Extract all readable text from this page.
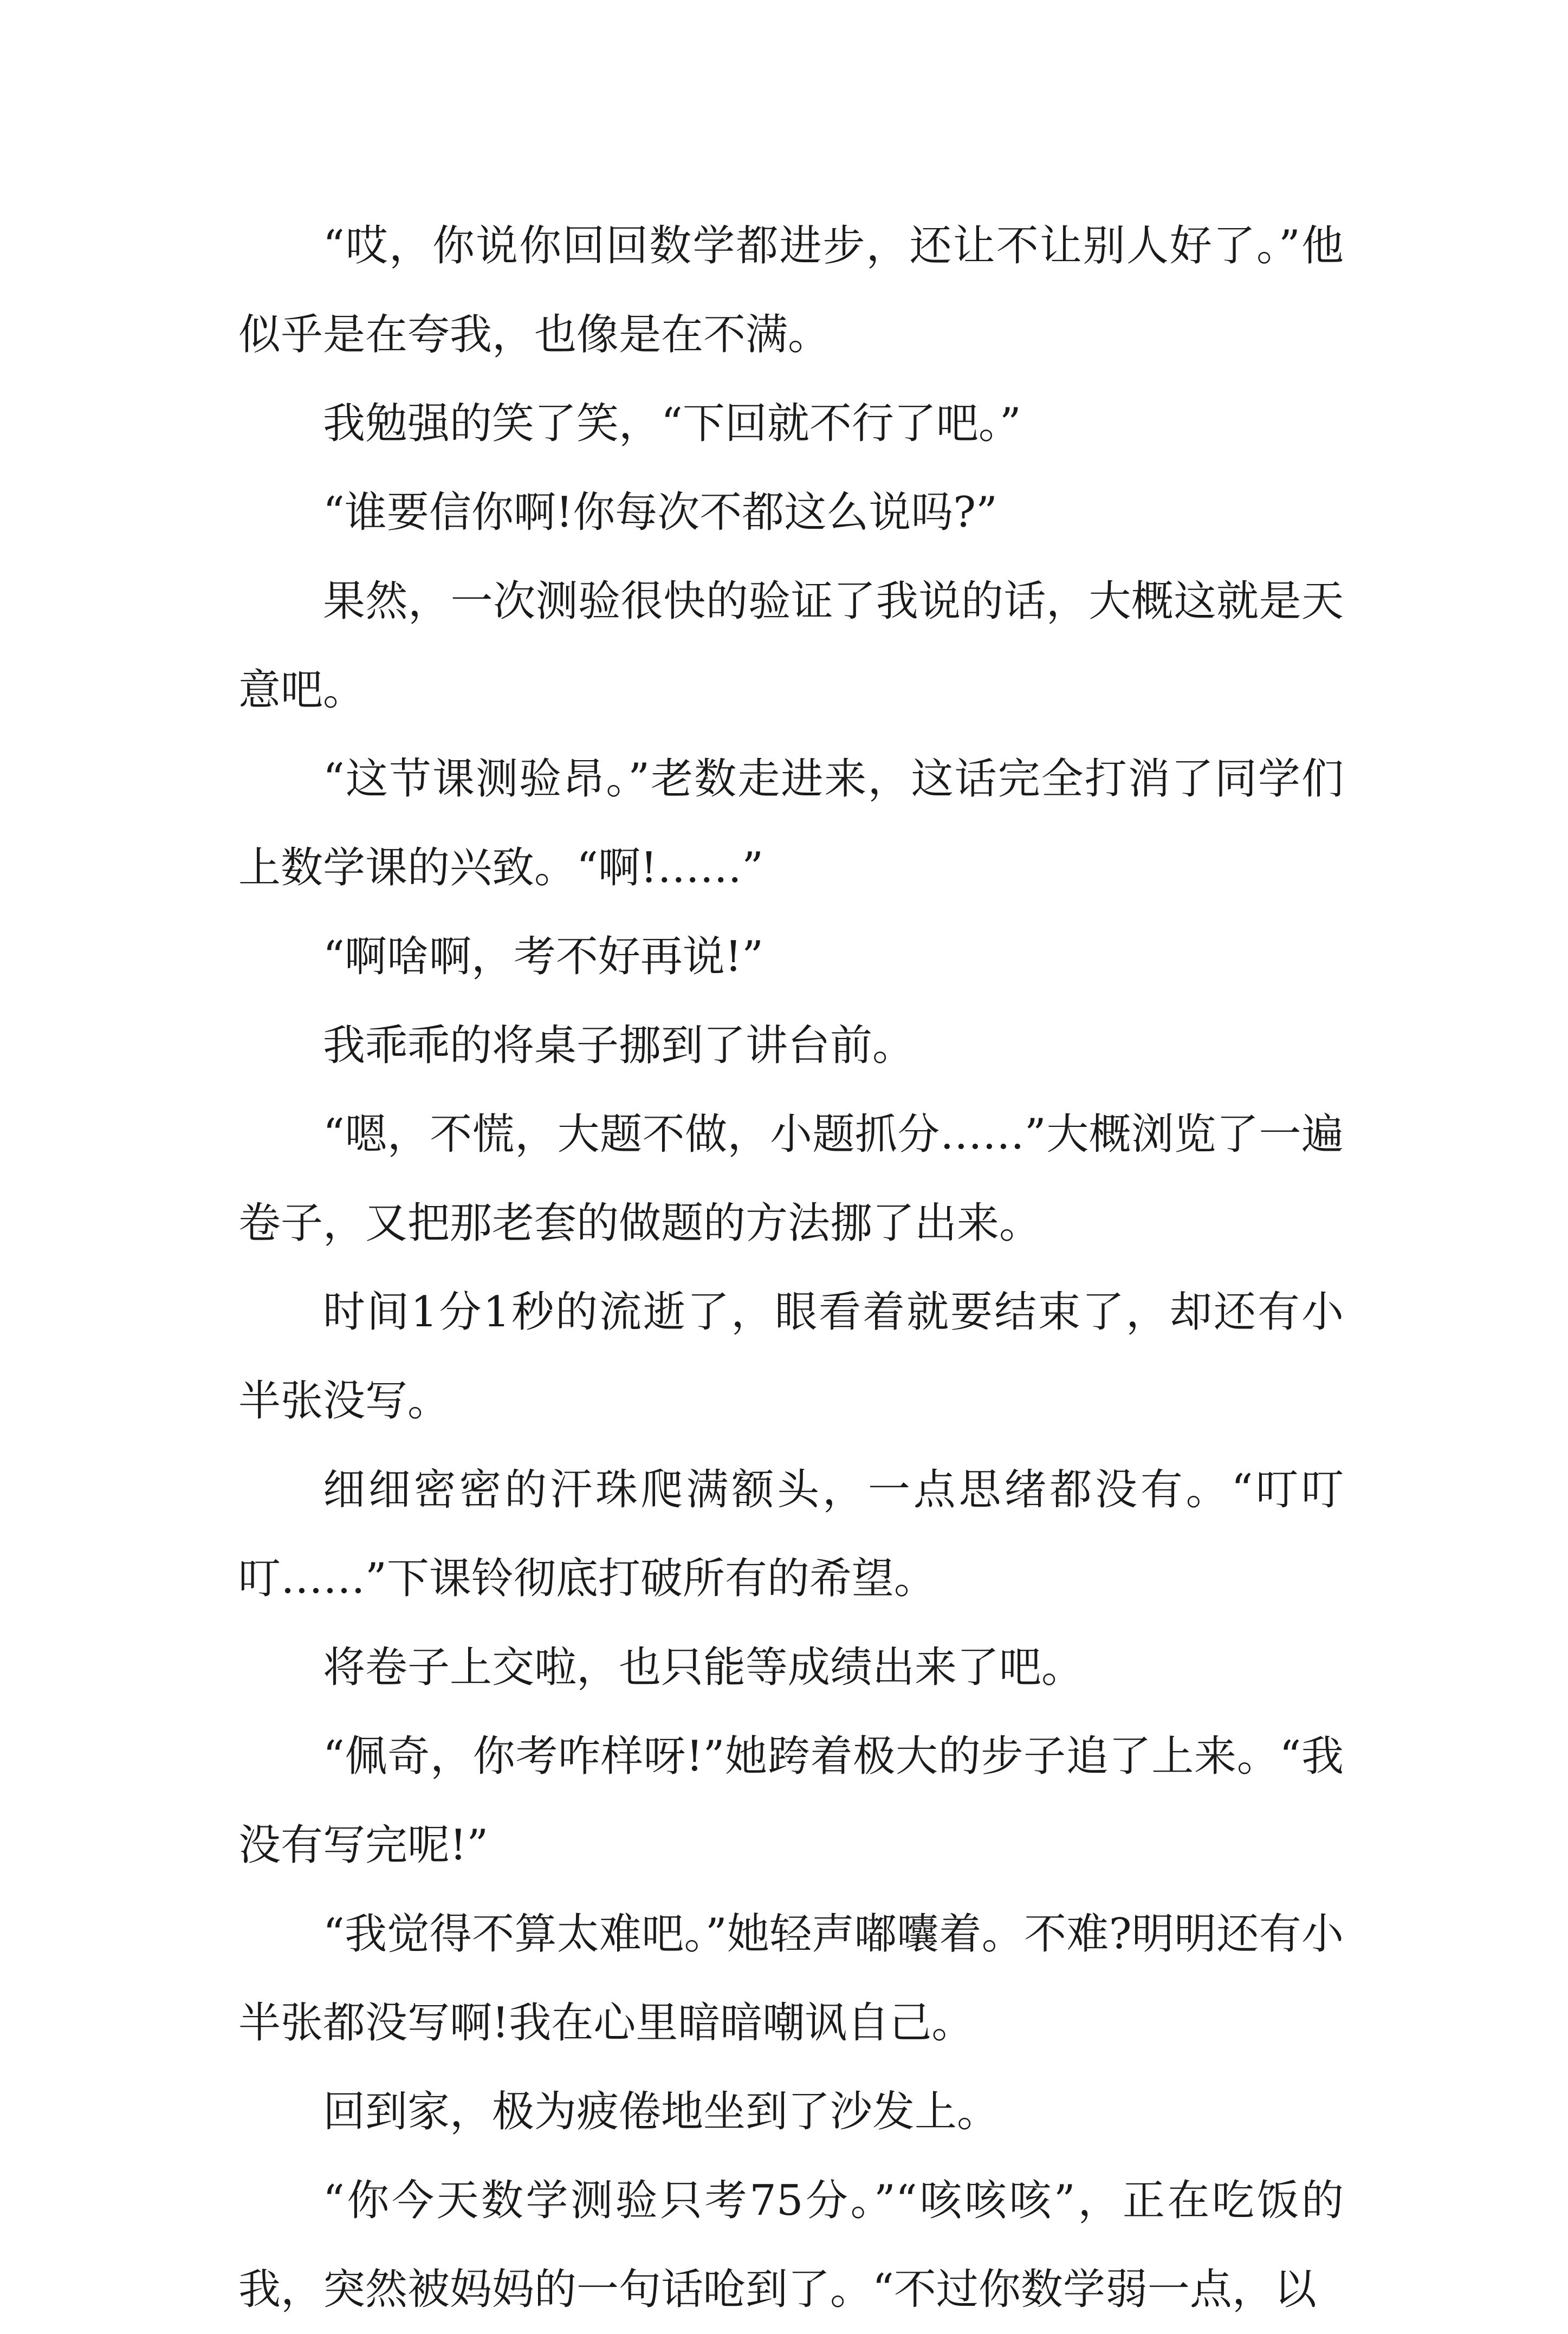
“哎，你说你回回数学都进步，还让不让别人好了。”他似乎是在夸我，也像是在不满。

我勉强的笑了笑，“下回就不行了吧。”

“谁要信你啊!你每次不都这么说吗?”

果然，一次测验很快的验证了我说的话，大概这就是天意吧。

“这节课测验昂。”老数走进来，这话完全打消了同学们上数学课的兴致。“啊!……”

“啊啥啊，考不好再说!”

我乖乖的将桌子挪到了讲台前。

“嗯，不慌，大题不做，小题抓分……”大概浏览了一遍卷子，又把那老套的做题的方法挪了出来。

时间1分1秒的流逝了，眼看着就要结束了，却还有小半张没写。

细细密密的汗珠爬满额头，一点思绪都没有。“叮叮叮……”下课铃彻底打破所有的希望。

将卷子上交啦，也只能等成绩出来了吧。

“佩奇，你考咋样呀!”她跨着极大的步子追了上来。“我没有写完呢!”

“我觉得不算太难吧。”她轻声嘟囔着。不难?明明还有小半张都没写啊!我在心里暗暗嘲讽自己。

回到家，极为疲倦地坐到了沙发上。

“你今天数学测验只考75分。”“咳咳咳”，正在吃饭的我，突然被妈妈的一句话呛到了。“不过你数学弱一点，以
